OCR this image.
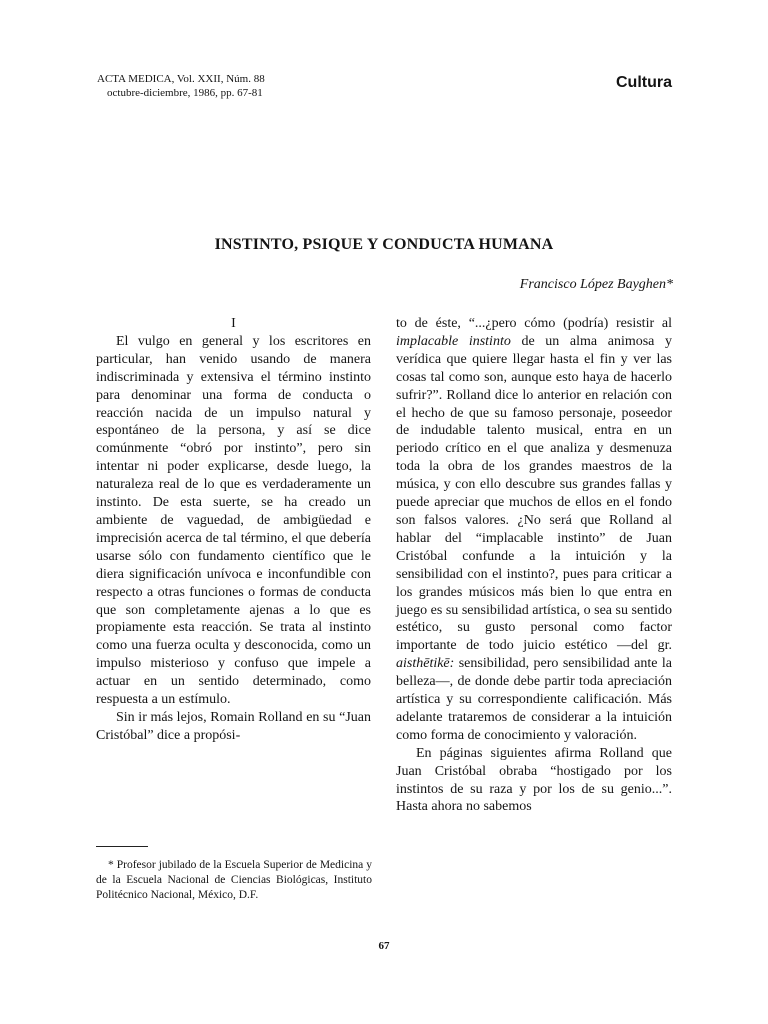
ACTA MEDICA, Vol. XXII, Núm. 88
octubre-diciembre, 1986, pp. 67-81
Cultura
INSTINTO, PSIQUE Y CONDUCTA HUMANA
Francisco López Bayghen*

I

El vulgo en general y los escritores en particular, han venido usando de manera indiscriminada y extensiva el término instinto para denominar una forma de conducta o reacción nacida de un impulso natural y espontáneo de la persona, y así se dice comúnmente “obró por instinto”, pero sin intentar ni poder explicarse, desde luego, la naturaleza real de lo que es verdaderamente un instinto. De esta suerte, se ha creado un ambiente de vaguedad, de ambigüedad e imprecisión acerca de tal término, el que debería usarse sólo con fundamento científico que le diera significación unívoca e inconfundible con respecto a otras funciones o formas de conducta que son completamente ajenas a lo que es propiamente esta reacción. Se trata al instinto como una fuerza oculta y desconocida, como un impulso misterioso y confuso que impele a actuar en un sentido determinado, como respuesta a un estímulo.

Sin ir más lejos, Romain Rolland en su “Juan Cristóbal” dice a propósi-

to de éste, “...¿pero cómo (podría) resistir al implacable instinto de un alma animosa y verídica que quiere llegar hasta el fin y ver las cosas tal como son, aunque esto haya de hacerlo sufrir?”. Rolland dice lo anterior en relación con el hecho de que su famoso personaje, poseedor de indudable talento musical, entra en un periodo crítico en el que analiza y desmenuza toda la obra de los grandes maestros de la música, y con ello descubre sus grandes fallas y puede apreciar que muchos de ellos en el fondo son falsos valores. ¿No será que Rolland al hablar del “implacable instinto” de Juan Cristóbal confunde a la intuición y la sensibilidad con el instinto?, pues para criticar a los grandes músicos más bien lo que entra en juego es su sensibilidad artística, o sea su sentido estético, su gusto personal como factor importante de todo juicio estético —del gr. aisthētikē: sensibilidad, pero sensibilidad ante la belleza—, de donde debe partir toda apreciación artística y su correspondiente calificación. Más adelante trataremos de considerar a la intuición como forma de conocimiento y valoración.

En páginas siguientes afirma Rolland que Juan Cristóbal obraba “hostigado por los instintos de su raza y por los de su genio...”. Hasta ahora no sabemos

* Profesor jubilado de la Escuela Superior de Medicina y de la Escuela Nacional de Ciencias Biológicas, Instituto Politécnico Nacional, México, D.F.

67
